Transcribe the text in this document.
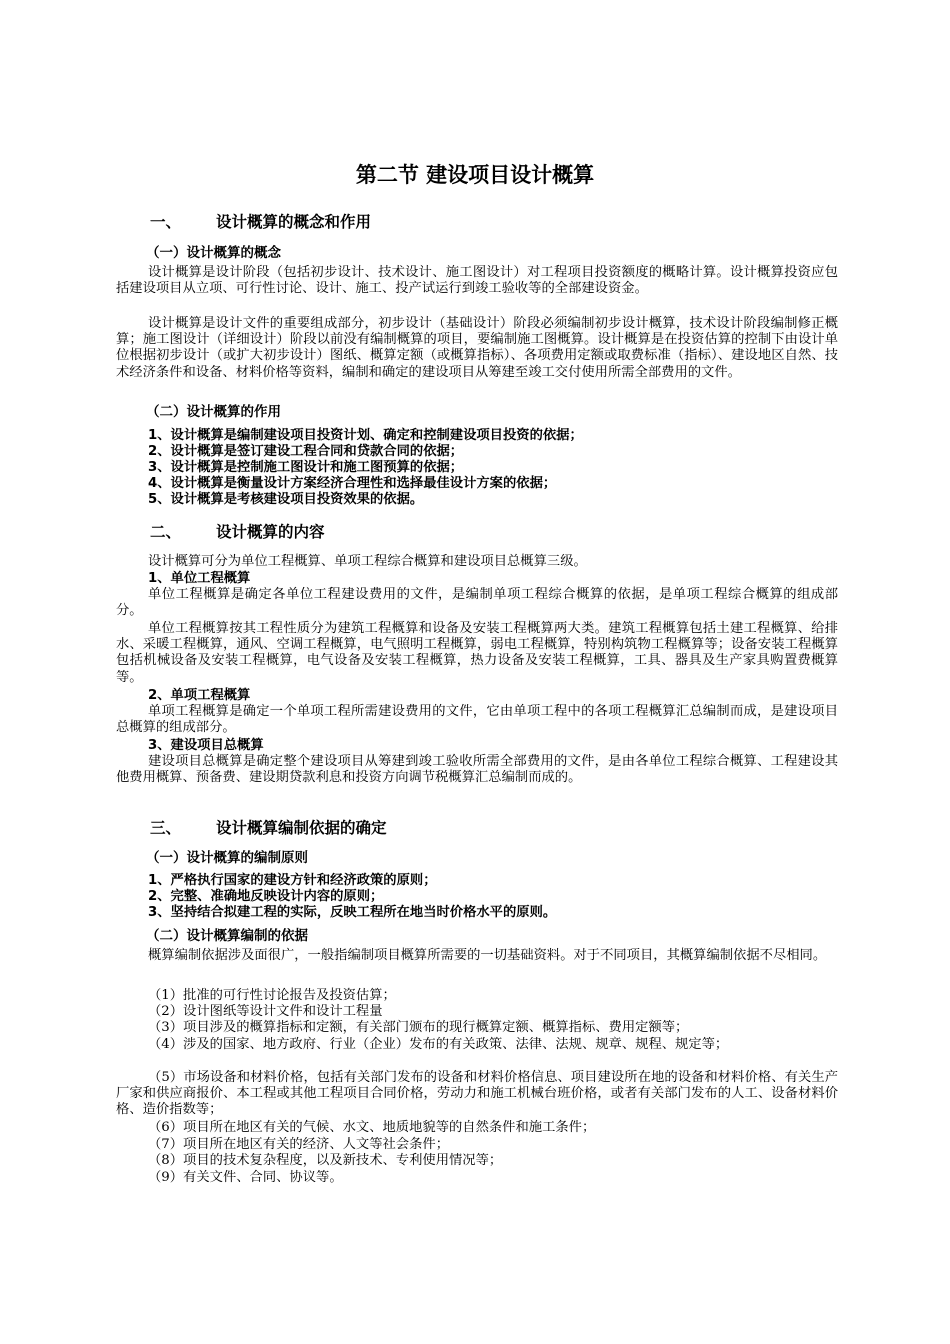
第二节 建设项目设计概算
一、 设计概算的概念和作用
（一）设计概算的概念

设计概算是设计阶段（包括初步设计、技术设计、施工图设计）对工程项目投资额度的概略计算。设计概算投资应包括建设项目从立项、可行性讨论、设计、施工、投产试运行到竣工验收等的全部建设资金。

设计概算是设计文件的重要组成部分，初步设计（基础设计）阶段必须编制初步设计概算，技术设计阶段编制修正概算；施工图设计（详细设计）阶段以前没有编制概算的项目，要编制施工图概算。设计概算是在投资估算的控制下由设计单位根据初步设计（或扩大初步设计）图纸、概算定额（或概算指标）、各项费用定额或取费标准（指标）、建设地区自然、技术经济条件和设备、材料价格等资料，编制和确定的建设项目从筹建至竣工交付使用所需全部费用的文件。

（二）设计概算的作用
1、设计概算是编制建设项目投资计划、确定和控制建设项目投资的依据；
2、设计概算是签订建设工程合同和贷款合同的依据；
3、设计概算是控制施工图设计和施工图预算的依据；
4、设计概算是衡量设计方案经济合理性和选择最佳设计方案的依据；
5、设计概算是考核建设项目投资效果的依据。
二、 设计概算的内容

设计概算可分为单位工程概算、单项工程综合概算和建设项目总概算三级。

1、单位工程概算

单位工程概算是确定各单位工程建设费用的文件，是编制单项工程综合概算的依据，是单项工程综合概算的组成部分。

单位工程概算按其工程性质分为建筑工程概算和设备及安装工程概算两大类。建筑工程概算包括土建工程概算、给排水、采暖工程概算，通风、空调工程概算，电气照明工程概算，弱电工程概算，特别构筑物工程概算等；设备安装工程概算包括机械设备及安装工程概算，电气设备及安装工程概算，热力设备及安装工程概算，工具、器具及生产家具购置费概算等。

2、单项工程概算

单项工程概算是确定一个单项工程所需建设费用的文件，它由单项工程中的各项工程概算汇总编制而成，是建设项目总概算的组成部分。

3、建设项目总概算

建设项目总概算是确定整个建设项目从筹建到竣工验收所需全部费用的文件，是由各单位工程综合概算、工程建设其他费用概算、预备费、建设期贷款利息和投资方向调节税概算汇总编制而成的。

三、 设计概算编制依据的确定
（一）设计概算的编制原则
1、严格执行国家的建设方针和经济政策的原则；
2、完整、准确地反映设计内容的原则；
3、坚持结合拟建工程的实际，反映工程所在地当时价格水平的原则。
（二）设计概算编制的依据

概算编制依据涉及面很广，一般指编制项目概算所需要的一切基础资料。对于不同项目，其概算编制依据不尽相同。

（1）批准的可行性讨论报告及投资估算；

（2）设计图纸等设计文件和设计工程量

（3）项目涉及的概算指标和定额，有关部门颁布的现行概算定额、概算指标、费用定额等；

（4）涉及的国家、地方政府、行业（企业）发布的有关政策、法律、法规、规章、规程、规定等；

（5）市场设备和材料价格，包括有关部门发布的设备和材料价格信息、项目建设所在地的设备和材料价格、有关生产厂家和供应商报价、本工程或其他工程项目合同价格，劳动力和施工机械台班价格，或者有关部门发布的人工、设备材料价格、造价指数等；

（6）项目所在地区有关的气候、水文、地质地貌等的自然条件和施工条件；

（7）项目所在地区有关的经济、人文等社会条件；

（8）项目的技术复杂程度，以及新技术、专利使用情况等；

（9）有关文件、合同、协议等。
